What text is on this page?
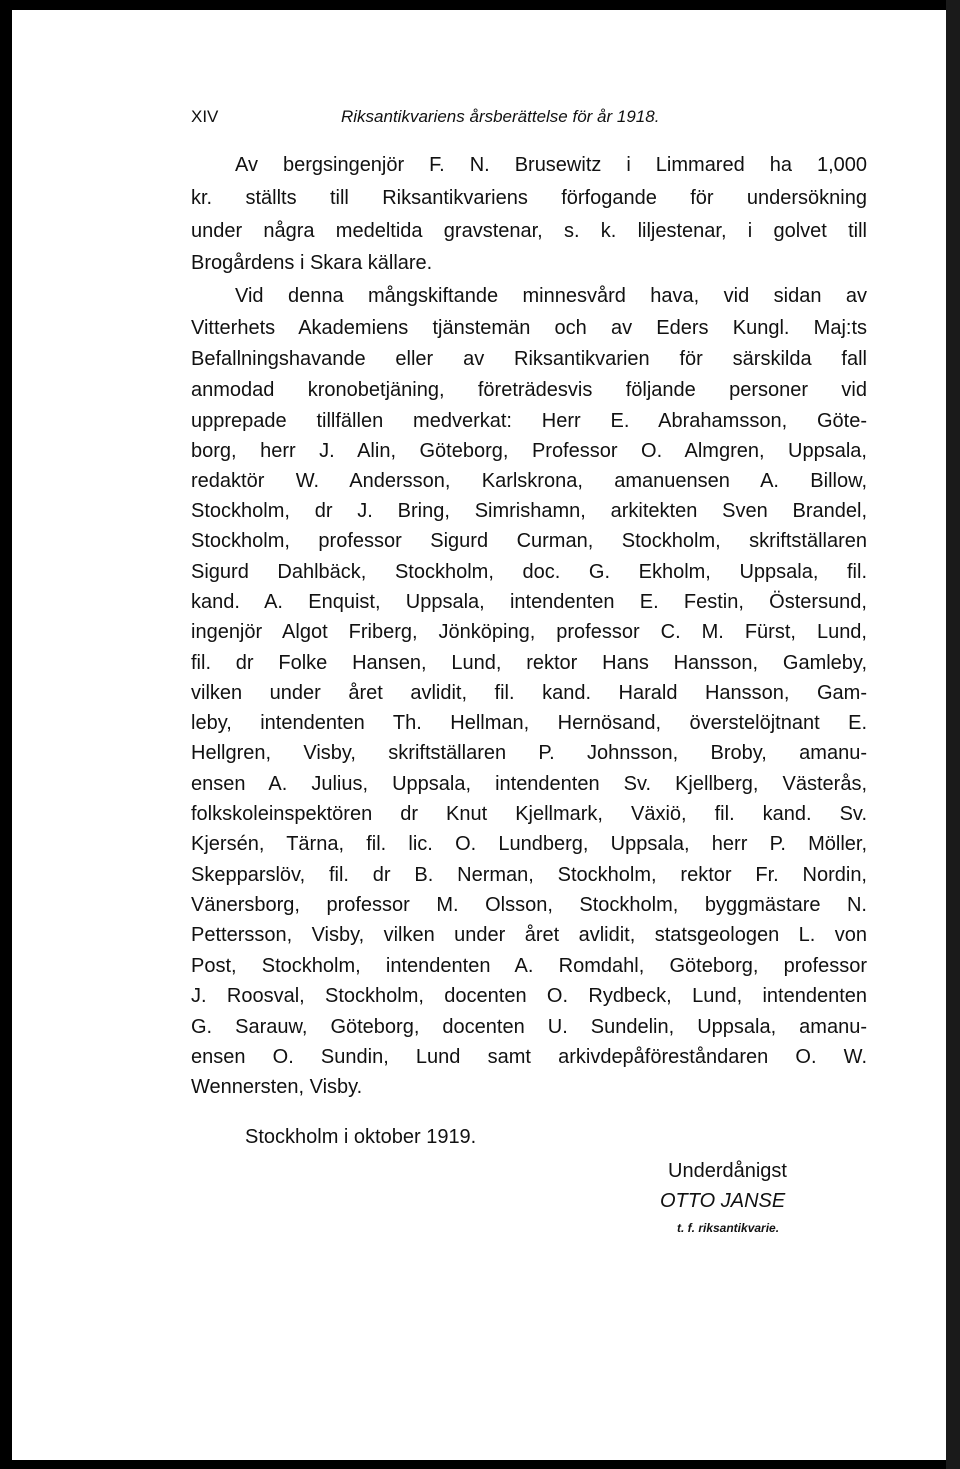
XIV	Riksantikvariens årsberättelse för år 1918.
Av bergsingenjör F. N. Brusewitz i Limmared ha 1,000
kr. ställts till Riksantikvariens förfogande för undersökning
under några medeltida gravstenar, s. k. liljestenar, i golvet till
Brogårdens i Skara källare.
Vid denna mångskiftande minnesvård hava, vid sidan av
Vitterhets Akademiens tjänstemän och av Eders Kungl. Maj:ts
Befallningshavande eller av Riksantikvarien för särskilda fall
anmodad kronobetjäning, företrädesvis följande personer vid
upprepade tillfällen medverkat: Herr E. Abrahamsson, Göte-
borg, herr J. Alin, Göteborg, Professor O. Almgren, Uppsala,
redaktör W. Andersson, Karlskrona, amanuensen A. Billow,
Stockholm, dr J. Bring, Simrishamn, arkitekten Sven Brandel,
Stockholm, professor Sigurd Curman, Stockholm, skriftställaren
Sigurd Dahlbäck, Stockholm, doc. G. Ekholm, Uppsala, fil.
kand. A. Enquist, Uppsala, intendenten E. Festin, Östersund,
ingenjör Algot Friberg, Jönköping, professor C. M. Fürst, Lund,
fil. dr Folke Hansen, Lund, rektor Hans Hansson, Gamleby,
vilken under året avlidit, fil. kand. Harald Hansson, Gam-
leby, intendenten Th. Hellman, Hernösand, överstelöjtnant E.
Hellgren, Visby, skriftställaren P. Johnsson, Broby, amanu-
ensen A. Julius, Uppsala, intendenten Sv. Kjellberg, Västerås,
folkskoleinspektören dr Knut Kjellmark, Växiö, fil. kand. Sv.
Kjersén, Tärna, fil. lic. O. Lundberg, Uppsala, herr P. Möller,
Skepparslöv, fil. dr B. Nerman, Stockholm, rektor Fr. Nordin,
Vänersborg, professor M. Olsson, Stockholm, byggmästare N.
Pettersson, Visby, vilken under året avlidit, statsgeologen L. von
Post, Stockholm, intendenten A. Romdahl, Göteborg, professor
J. Roosval, Stockholm, docenten O. Rydbeck, Lund, intendenten
G. Sarauw, Göteborg, docenten U. Sundelin, Uppsala, amanu-
ensen O. Sundin, Lund samt arkivdepåföreståndaren O. W.
Wennersten, Visby.
Stockholm i oktober 1919.
Underdånigst
OTTO JANSE
t. f. riksantikvarie.
